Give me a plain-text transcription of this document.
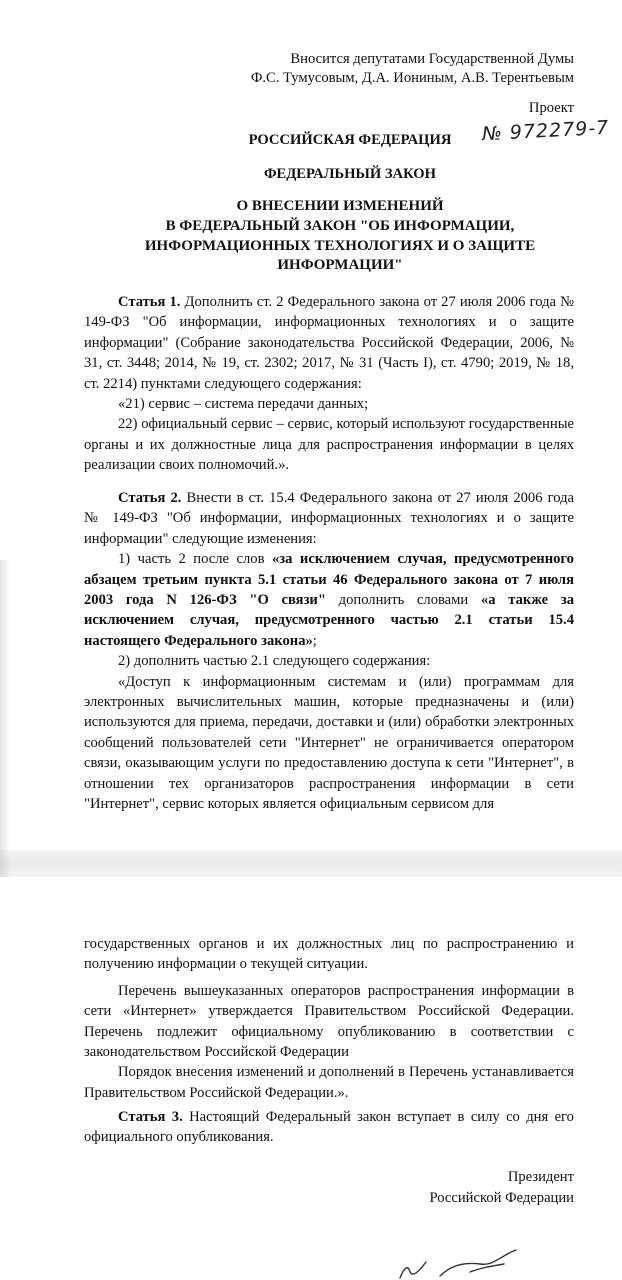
Вносится депутатами Государственной Думы
Ф.С. Тумусовым, Д.А. Иониным, А.В. Терентьевым
Проект
№ 972279-7
РОССИЙСКАЯ ФЕДЕРАЦИЯ
ФЕДЕРАЛЬНЫЙ ЗАКОН
О ВНЕСЕНИИ ИЗМЕНЕНИЙ
В ФЕДЕРАЛЬНЫЙ ЗАКОН "ОБ ИНФОРМАЦИИ,
ИНФОРМАЦИОННЫХ ТЕХНОЛОГИЯХ И О ЗАЩИТЕ
ИНФОРМАЦИИ"

Статья 1. Дополнить ст. 2 Федерального закона от 27 июля 2006 года № 149-ФЗ "Об информации, информационных технологиях и о защите информации" (Собрание законодательства Российской Федерации, 2006, № 31, ст. 3448; 2014, № 19, ст. 2302; 2017, № 31 (Часть I), ст. 4790; 2019, № 18, ст. 2214) пунктами следующего содержания:

«21) сервис – система передачи данных;

22) официальный сервис – сервис, который используют государственные органы и их должностные лица для распространения информации в целях реализации своих полномочий.».

Статья 2. Внести в ст. 15.4 Федерального закона от 27 июля 2006 года № 149-ФЗ "Об информации, информационных технологиях и о защите информации" следующие изменения:

1) часть 2 после слов «за исключением случая, предусмотренного абзацем третьим пункта 5.1 статьи 46 Федерального закона от 7 июля 2003 года N 126-ФЗ "О связи" дополнить словами «а также за исключением случая, предусмотренного частью 2.1 статьи 15.4 настоящего Федерального закона»;

2) дополнить частью 2.1 следующего содержания:

«Доступ к информационным системам и (или) программам для электронных вычислительных машин, которые предназначены и (или) используются для приема, передачи, доставки и (или) обработки электронных сообщений пользователей сети "Интернет" не ограничивается оператором связи, оказывающим услуги по предоставлению доступа к сети "Интернет", в отношении тех организаторов распространения информации в сети "Интернет", сервис которых является официальным сервисом для

государственных органов и их должностных лиц по распространению и получению информации о текущей ситуации.

Перечень вышеуказанных операторов распространения информации в сети «Интернет» утверждается Правительством Российской Федерации. Перечень подлежит официальному опубликованию в соответствии с законодательством Российской Федерации

Порядок внесения изменений и дополнений в Перечень устанавливается Правительством Российской Федерации.».

Статья 3. Настоящий Федеральный закон вступает в силу со дня его официального опубликования.

Президент
Российской Федерации
